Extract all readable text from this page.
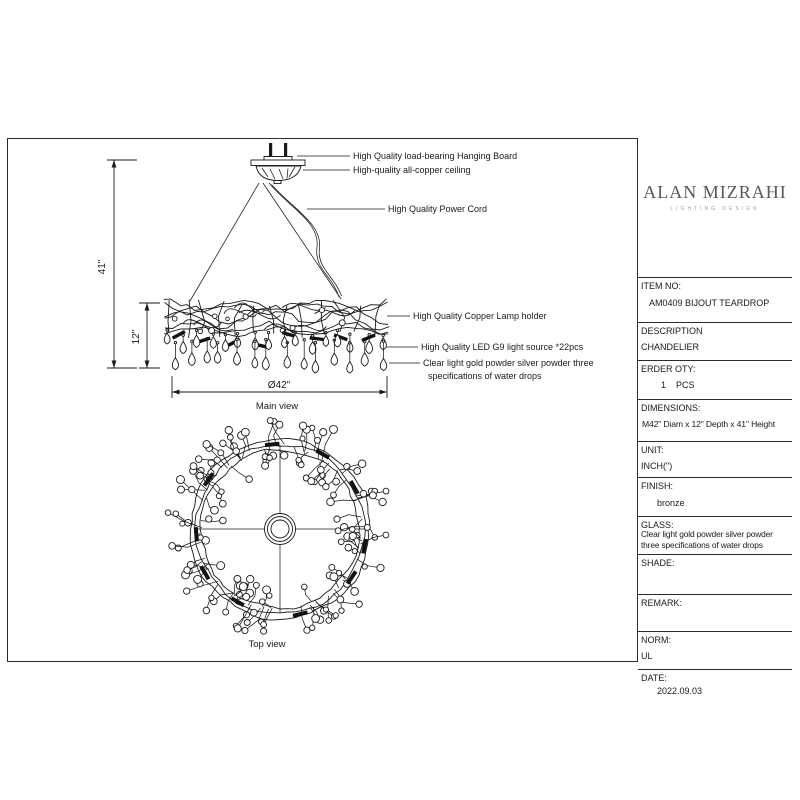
High Quality load-bearing Hanging Board
High-quality all-copper ceiling
High Quality Power Cord
High Quality Copper Lamp holder
High Quality LED G9 light source *22pcs
Clear light gold powder silver powder three
specifications of water drops
41"
12"
Ø42"
Main view
Top view
ALAN MIZRAHI
LIGHTING DESIGN
ITEM NO:
AM0409 BIJOUT TEARDROP
DESCRIPTION
CHANDELIER
ERDER OTY:
1    PCS
DIMENSIONS:
M42" Diam x 12" Depth x 41" Height
UNIT:
INCH(")
FINISH:
bronze
GLASS:
Clear light gold powder silver powder three specifications of water drops
SHADE:
REMARK:
NORM:
UL
DATE:
2022.09.03
